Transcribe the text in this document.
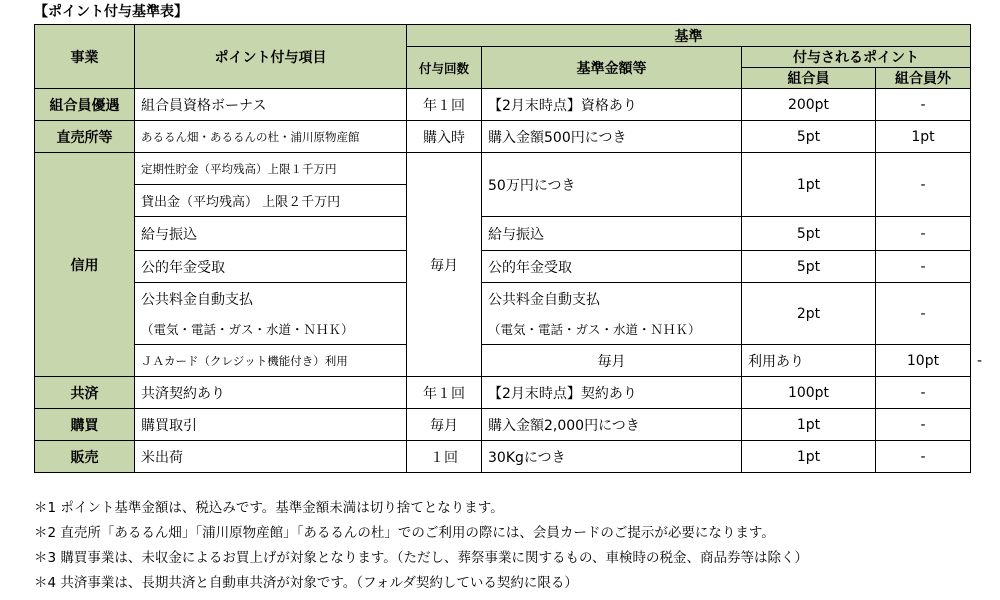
【ポイント付与基準表】
事業	ポイント付与項目	基準				
		付与回数	基準金額等	付与されるポイント		
				組合員	組合員外	
組合員優遇	組合員資格ボーナス	年１回	【2月末時点】資格あり	200pt	-	
直売所等	あるるん畑・あるるんの杜・浦川原物産館	購入時	購入金額500円につき	5pt	1pt	
信用	定期性貯金（平均残高）上限１千万円	毎月	50万円につき	1pt	-	
	貸出金（平均残高） 上限２千万円					
	給与振込		給与振込	5pt	-	
	公的年金受取		公的年金受取	5pt	-	
	公共料金自動支払		公共料金自動支払	2pt	-	
	（電気・電話・ガス・水道・ＮＨＫ）		（電気・電話・ガス・水道・ＮＨＫ）			
	ＪＡカード（クレジット機能付き）利用		毎月	利用あり	10pt	-

共済	共済契約あり	年１回	【2月末時点】契約あり	100pt	-	
購買	購買取引	毎月	購入金額2,000円につき	1pt	-	
販売	米出荷	１回	30Kgにつき	1pt	-	
＊1 ポイント基準金額は、税込みです。基準金額未満は切り捨てとなります。
＊2 直売所「あるるん畑」「浦川原物産館」「あるるんの杜」でのご利用の際には、会員カードのご提示が必要になります。
＊3 購買事業は、未収金によるお買上げが対象となります。（ただし、葬祭事業に関するもの、車検時の税金、商品券等は除く）
＊4 共済事業は、長期共済と自動車共済が対象です。（フォルダ契約している契約に限る）
